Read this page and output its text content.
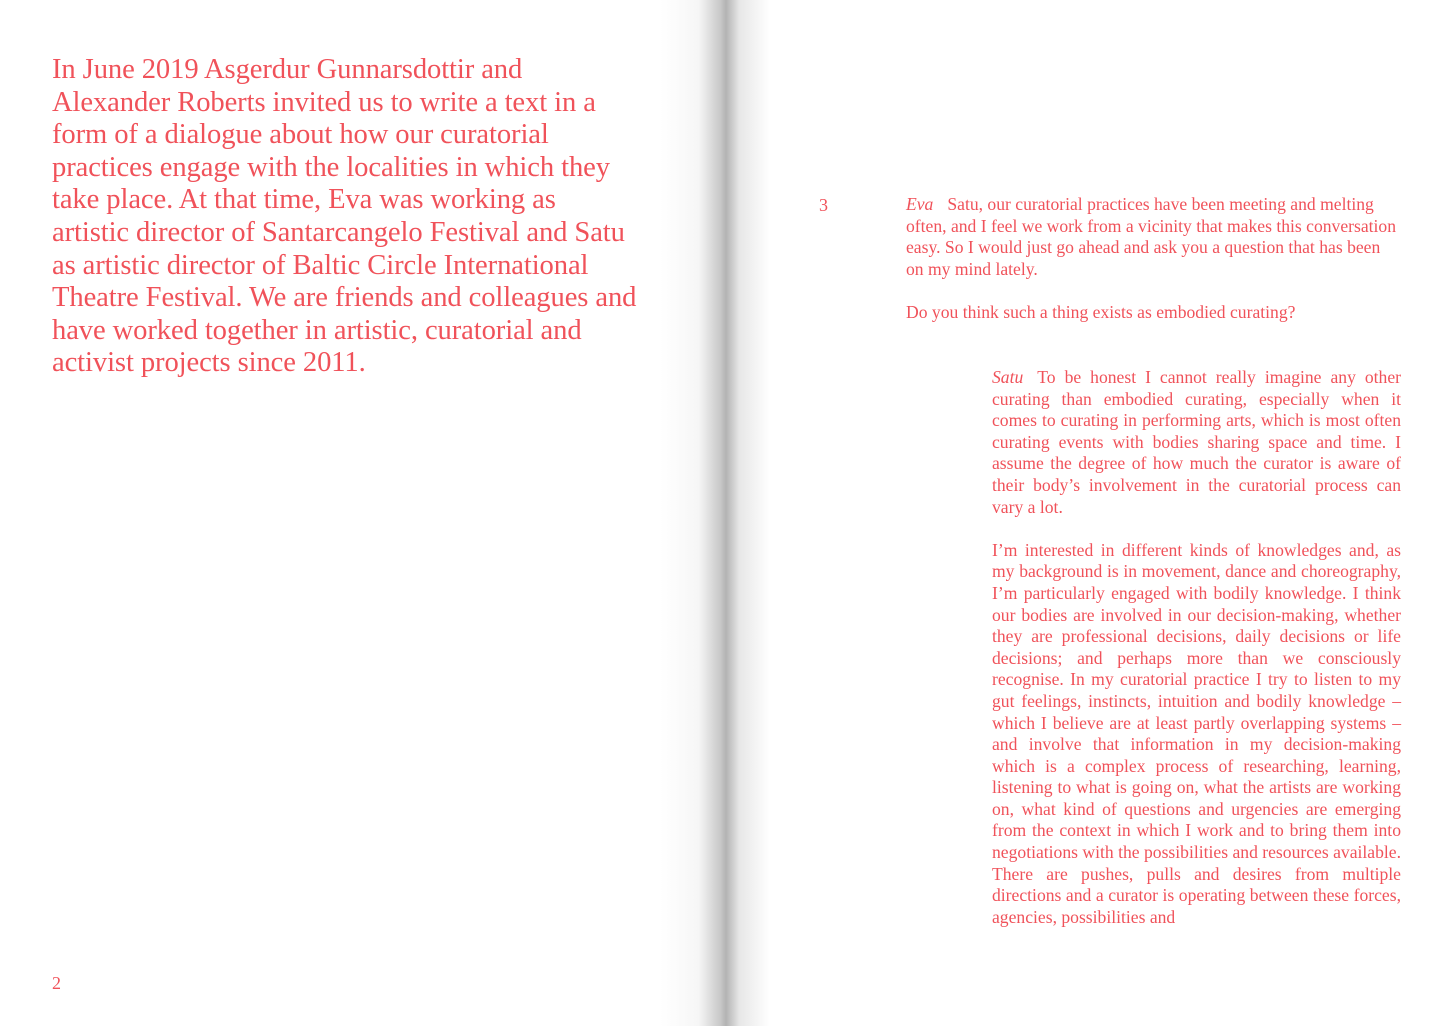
In June 2019 Asgerdur Gunnarsdottir and Alexander Roberts invited us to write a text in a form of a dialogue about how our curatorial practices engage with the localities in which they take place. At that time, Eva was working as artistic director of Santarcangelo Festival and Satu as artistic director of Baltic Circle International Theatre Festival. We are friends and colleagues and have worked together in artistic, curatorial and activist projects since 2011.

2
3	Eva Satu, our curatorial practices have been meeting and melting often, and I feel we work from a vicinity that makes this conversation easy. So I would just go ahead and ask you a question that has been on my mind lately.

Do you think such a thing exists as embodied curating?

Satu To be honest I cannot really imagine any other curating than embodied curating, especially when it comes to curating in performing arts, which is most often curating events with bodies sharing space and time. I assume the degree of how much the curator is aware of their body’s involvement in the curatorial process can vary a lot.

I’m interested in different kinds of knowledges and, as my background is in movement, dance and choreography, I’m particularly engaged with bodily knowledge. I think our bodies are involved in our decision-making, whether they are professional decisions, daily decisions or life decisions; and perhaps more than we consciously recognise. In my curatorial practice I try to listen to my gut feelings, instincts, intuition and bodily knowledge – which I believe are at least partly overlapping systems – and involve that information in my decision-making which is a complex process of researching, learning, listening to what is going on, what the artists are working on, what kind of questions and urgencies are emerging from the context in which I work and to bring them into negotiations with the possibilities and resources available. There are pushes, pulls and desires from multiple directions and a curator is operating between these forces, agencies, possibilities and
